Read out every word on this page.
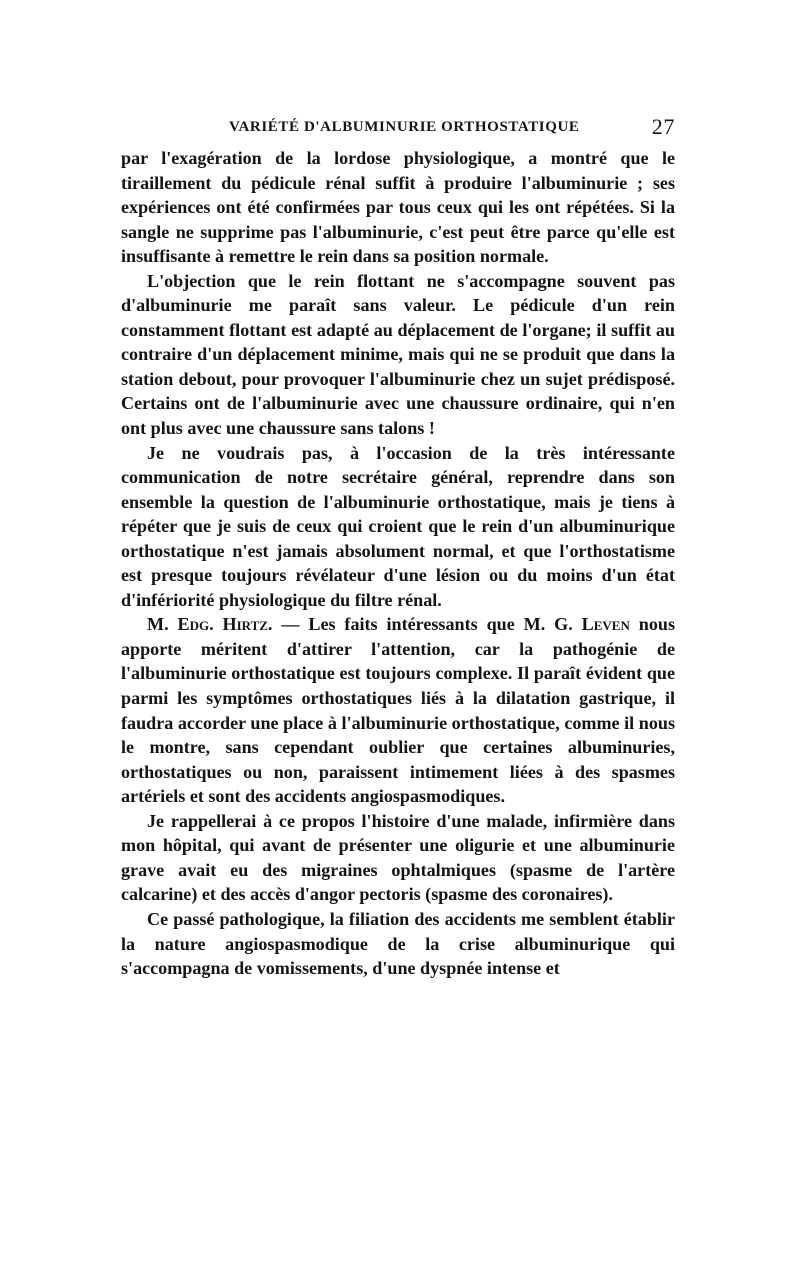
VARIÉTÉ D'ALBUMINURIE ORTHOSTATIQUE	27

par l'exagération de la lordose physiologique, a montré que le tiraillement du pédicule rénal suffit à produire l'albuminurie ; ses expériences ont été confirmées par tous ceux qui les ont répétées. Si la sangle ne supprime pas l'albuminurie, c'est peut être parce qu'elle est insuffisante à remettre le rein dans sa position normale.

L'objection que le rein flottant ne s'accompagne souvent pas d'albuminurie me paraît sans valeur. Le pédicule d'un rein constamment flottant est adapté au déplacement de l'organe; il suffit au contraire d'un déplacement minime, mais qui ne se produit que dans la station debout, pour provoquer l'albuminurie chez un sujet prédisposé. Certains ont de l'albuminurie avec une chaussure ordinaire, qui n'en ont plus avec une chaussure sans talons !

Je ne voudrais pas, à l'occasion de la très intéressante communication de notre secrétaire général, reprendre dans son ensemble la question de l'albuminurie orthostatique, mais je tiens à répéter que je suis de ceux qui croient que le rein d'un albuminurique orthostatique n'est jamais absolument normal, et que l'orthostatisme est presque toujours révélateur d'une lésion ou du moins d'un état d'infériorité physiologique du filtre rénal.

M. Edg. Hirtz. — Les faits intéressants que M. G. Leven nous apporte méritent d'attirer l'attention, car la pathogénie de l'albuminurie orthostatique est toujours complexe. Il paraît évident que parmi les symptômes orthostatiques liés à la dilatation gastrique, il faudra accorder une place à l'albuminurie orthostatique, comme il nous le montre, sans cependant oublier que certaines albuminuries, orthostatiques ou non, paraissent intimement liées à des spasmes artériels et sont des accidents angiospasmodiques.

Je rappellerai à ce propos l'histoire d'une malade, infirmière dans mon hôpital, qui avant de présenter une oligurie et une albuminurie grave avait eu des migraines ophtalmiques (spasme de l'artère calcarine) et des accès d'angor pectoris (spasme des coronaires).

Ce passé pathologique, la filiation des accidents me semblent établir la nature angiospasmodique de la crise albuminurique qui s'accompagna de vomissements, d'une dyspnée intense et
